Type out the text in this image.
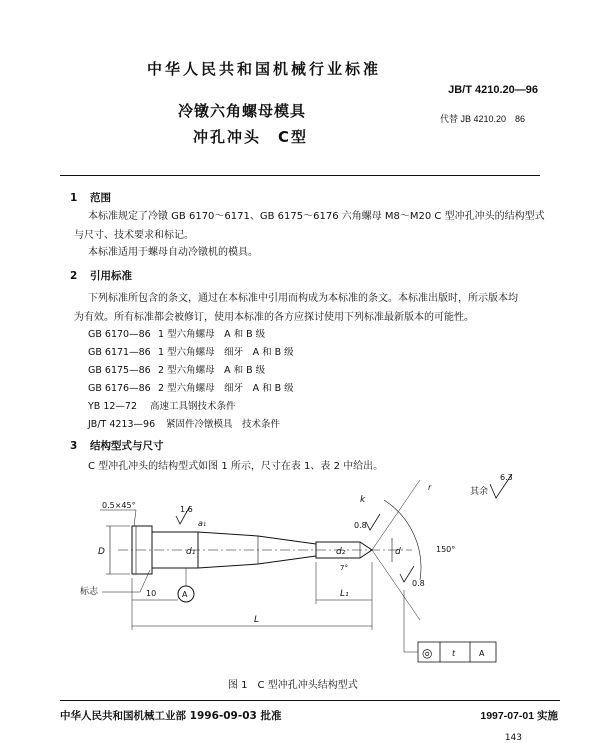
中华人民共和国机械行业标准
JB/T 4210.20—96
冷镦六角螺母模具
冲孔冲头　C型
代替 JB 4210.20　86
1 范围
本标准规定了冷镦 GB 6170～6171、GB 6175～6176 六角螺母 M8～M20 C 型冲孔冲头的结构型式
与尺寸、技术要求和标记。
本标准适用于螺母自动冷镦机的模具。
2 引用标准
下列标准所包含的条文，通过在本标准中引用而构成为本标准的条文。本标准出版时，所示版本均
为有效。所有标准都会被修订，使用本标准的各方应探讨使用下列标准最新版本的可能性。
GB 6170—86 1 型六角螺母　A 和 B 级
GB 6171—86 1 型六角螺母　细牙　A 和 B 级
GB 6175—86 2 型六角螺母　A 和 B 级
GB 6176—86 2 型六角螺母　细牙　A 和 B 级
YB 12—72 高速工具钢技术条件
JB/T 4213—96 紧固件冷镦模具　技术条件
3 结构型式与尺寸
C 型冲孔冲头的结构型式如图 1 所示，尺寸在表 1、表 2 中给出。
0.5×45°	1.6
0.8
0.8
6.3
其余
D	d₁	d₂	d
a₁
L
L₁
10
k
r
150°
7°
A
标志
◎ t	A
图 1　C 型冲孔冲头结构型式
中华人民共和国机械工业部 1996-09-03 批准	1997-07-01 实施
143
